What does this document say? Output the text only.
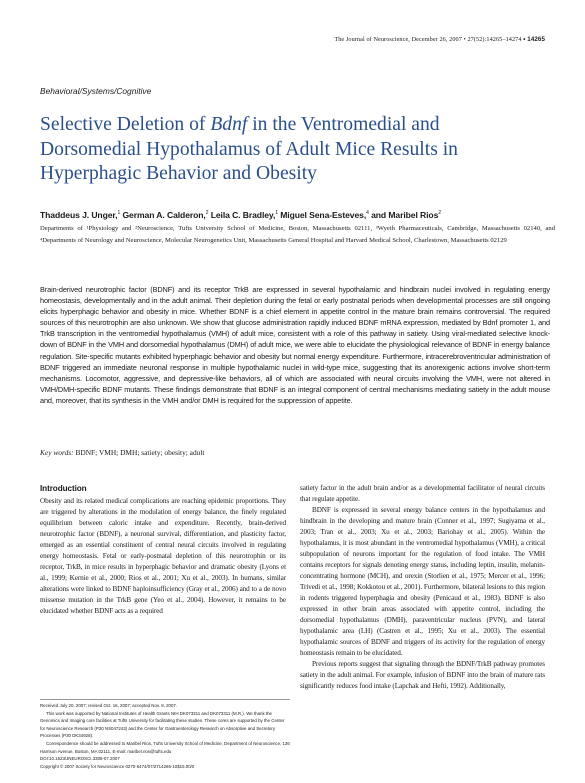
The Journal of Neuroscience, December 26, 2007 • 27(52):14265–14274 • 14265
Behavioral/Systems/Cognitive
Selective Deletion of Bdnf in the Ventromedial and Dorsomedial Hypothalamus of Adult Mice Results in Hyperphagic Behavior and Obesity
Thaddeus J. Unger,$^1$ German A. Calderon,$^2$ Leila C. Bradley,$^1$ Miguel Sena-Esteves,$^4$ and Maribel Rios$^2$
Departments of ¹Physiology and ²Neuroscience, Tufts University School of Medicine, Boston, Massachusetts 02111, ³Wyeth Pharmaceuticals, Cambridge, Massachusetts 02140, and ⁴Departments of Neurology and Neuroscience, Molecular Neurogenetics Unit, Massachusetts General Hospital and Harvard Medical School, Charlestown, Massachusetts 02129

Brain-derived neurotrophic factor (BDNF) and its receptor TrkB are expressed in several hypothalamic and hindbrain nuclei involved in regulating energy homeostasis, developmentally and in the adult animal. Their depletion during the fetal or early postnatal periods when developmental processes are still ongoing elicits hyperphagic behavior and obesity in mice. Whether BDNF is a chief element in appetite control in the mature brain remains controversial. The required sources of this neurotrophin are also unknown. We show that glucose administration rapidly induced BDNF mRNA expression, mediated by Bdnf promoter 1, and TrkB transcription in the ventromedial hypothalamus (VMH) of adult mice, consistent with a role of this pathway in satiety. Using viral-mediated selective knock-down of BDNF in the VMH and dorsomedial hypothalamus (DMH) of adult mice, we were able to elucidate the physiological relevance of BDNF in energy balance regulation. Site-specific mutants exhibited hyperphagic behavior and obesity but normal energy expenditure. Furthermore, intracerebroventricular administration of BDNF triggered an immediate neuronal response in multiple hypothalamic nuclei in wild-type mice, suggesting that its anorexigenic actions involve short-term mechanisms. Locomotor, aggressive, and depressive-like behaviors, all of which are associated with neural circuits involving the VMH, were not altered in VMH/DMH-specific BDNF mutants. These findings demonstrate that BDNF is an integral component of central mechanisms mediating satiety in the adult mouse and, moreover, that its synthesis in the VMH and/or DMH is required for the suppression of appetite.

Key words: BDNF; VMH; DMH; satiety; obesity; adult
Introduction

Obesity and its related medical complications are reaching epidemic proportions. They are triggered by alterations in the modulation of energy balance, the finely regulated equilibrium between caloric intake and expenditure. Recently, brain-derived neurotrophic factor (BDNF), a neuronal survival, differentiation, and plasticity factor, emerged as an essential constituent of central neural circuits involved in regulating energy homeostasis. Fetal or early-postnatal depletion of this neurotrophin or its receptor, TrkB, in mice results in hyperphagic behavior and dramatic obesity (Lyons et al., 1999; Kernie et al., 2000; Rios et al., 2001; Xu et al., 2003). In humans, similar alterations were linked to BDNF haploinsufficiency (Gray et al., 2006) and to a de novo missense mutation in the TrkB gene (Yeo et al., 2004). However, it remains to be elucidated whether BDNF acts as a required

satiety factor in the adult brain and/or as a developmental facilitator of neural circuits that regulate appetite.

BDNF is expressed in several energy balance centers in the hypothalamus and hindbrain in the developing and mature brain (Conner et al., 1997; Sugiyama et al., 2003; Tran et al., 2003; Xu et al., 2003; Bariohay et al., 2005). Within the hypothalamus, it is most abundant in the ventromedial hypothalamus (VMH), a critical subpopulation of neurons important for the regulation of food intake. The VMH contains receptors for signals denoting energy status, including leptin, insulin, melanin-concentrating hormone (MCH), and orexin (Storlien et al., 1975; Mercer et al., 1996; Trivedi et al., 1998; Kokkotou et al., 2001). Furthermore, bilateral lesions to this region in rodents triggered hyperphagia and obesity (Penicaud et al., 1983). BDNF is also expressed in other brain areas associated with appetite control, including the dorsomedial hypothalamus (DMH), paraventricular nucleus (PVN), and lateral hypothalamic area (LH) (Castren et al., 1995; Xu et al., 2003). The essential hypothalamic sources of BDNF and triggers of its activity for the regulation of energy homeostasis remain to be elucidated.

Previous reports suggest that signaling through the BDNF/TrkB pathway promotes satiety in the adult animal. For example, infusion of BDNF into the brain of mature rats significantly reduces food intake (Lapchak and Hefti, 1992). Additionally,

Received July 20, 2007; revised Oct. 16, 2007; accepted Nov. 8, 2007.

This work was supported by National Institutes of Health Grants NIH DK073311 and DK073311 (M.R.). We thank the Genomics and Imaging core facilities at Tufts University for facilitating these studies. These cores are supported by the Center for Neuroscience Research (P30 NS047243) and the Center for Gastroenterology Research on Absorptive and Secretory Processes (P30 DK34928).

Correspondence should be addressed to Maribel Rios, Tufts University School of Medicine, Department of Neuroscience, 136 Harrison Avenue, Boston, MA 02111. E-mail: maribel.rios@tufts.edu

DOI:10.1523/JNEUROSCI.3308-07.2007

Copyright © 2007 Society for Neuroscience 0270-6474/07/2714265-10$15.00/0
